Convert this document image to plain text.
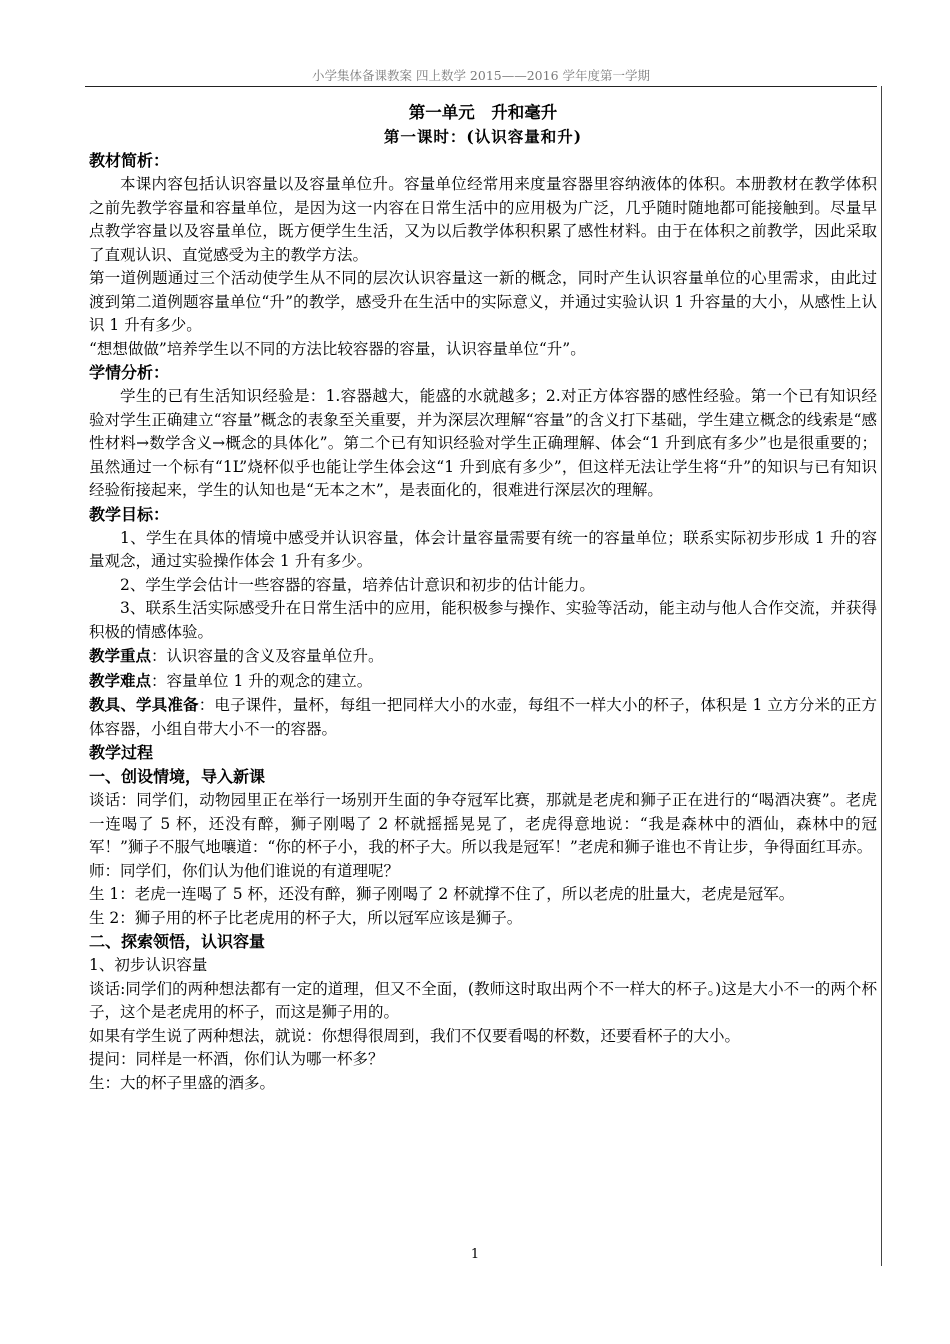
小学集体备课教案 四上数学 2015——2016 学年度第一学期
第一单元　升和毫升
第一课时：(认识容量和升)
教材简析：

本课内容包括认识容量以及容量单位升。容量单位经常用来度量容器里容纳液体的体积。本册教材在教学体积之前先教学容量和容量单位，是因为这一内容在日常生活中的应用极为广泛，几乎随时随地都可能接触到。尽量早点教学容量以及容量单位，既方便学生生活，又为以后教学体积积累了感性材料。由于在体积之前教学，因此采取了直观认识、直觉感受为主的教学方法。

第一道例题通过三个活动使学生从不同的层次认识容量这一新的概念，同时产生认识容量单位的心里需求，由此过渡到第二道例题容量单位“升”的教学，感受升在生活中的实际意义，并通过实验认识 1 升容量的大小，从感性上认识 1 升有多少。

“想想做做”培养学生以不同的方法比较容器的容量，认识容量单位“升”。

学情分析：

学生的已有生活知识经验是：1.容器越大，能盛的水就越多；2.对正方体容器的感性经验。第一个已有知识经验对学生正确建立“容量”概念的表象至关重要，并为深层次理解“容量”的含义打下基础，学生建立概念的线索是“感性材料→数学含义→概念的具体化”。第二个已有知识经验对学生正确理解、体会“1 升到底有多少”也是很重要的；虽然通过一个标有“1L”烧杯似乎也能让学生体会这“1 升到底有多少”，但这样无法让学生将“升”的知识与已有知识经验衔接起来，学生的认知也是“无本之木”，是表面化的，很难进行深层次的理解。

教学目标：

1、学生在具体的情境中感受并认识容量，体会计量容量需要有统一的容量单位；联系实际初步形成 1 升的容量观念，通过实验操作体会 1 升有多少。

2、学生学会估计一些容器的容量，培养估计意识和初步的估计能力。

3、联系生活实际感受升在日常生活中的应用，能积极参与操作、实验等活动，能主动与他人合作交流，并获得积极的情感体验。

教学重点：认识容量的含义及容量单位升。

教学难点：容量单位 1 升的观念的建立。

教具、学具准备：电子课件，量杯，每组一把同样大小的水壶，每组不一样大小的杯子，体积是 1 立方分米的正方体容器，小组自带大小不一的容器。

教学过程
一、创设情境，导入新课

谈话：同学们，动物园里正在举行一场别开生面的争夺冠军比赛，那就是老虎和狮子正在进行的“喝酒决赛”。老虎一连喝了 5 杯，还没有醉，狮子刚喝了 2 杯就摇摇晃晃了，老虎得意地说：“我是森林中的酒仙，森林中的冠军！”狮子不服气地嚷道：“你的杯子小，我的杯子大。所以我是冠军！”老虎和狮子谁也不肯让步，争得面红耳赤。

师：同学们，你们认为他们谁说的有道理呢？

生 1：老虎一连喝了 5 杯，还没有醉，狮子刚喝了 2 杯就撑不住了，所以老虎的肚量大，老虎是冠军。

生 2：狮子用的杯子比老虎用的杯子大，所以冠军应该是狮子。

二、探索领悟，认识容量

1、初步认识容量

谈话:同学们的两种想法都有一定的道理，但又不全面，(教师这时取出两个不一样大的杯子。)这是大小不一的两个杯子，这个是老虎用的杯子，而这是狮子用的。

如果有学生说了两种想法，就说：你想得很周到，我们不仅要看喝的杯数，还要看杯子的大小。

提问：同样是一杯酒，你们认为哪一杯多？

生：大的杯子里盛的酒多。

1
